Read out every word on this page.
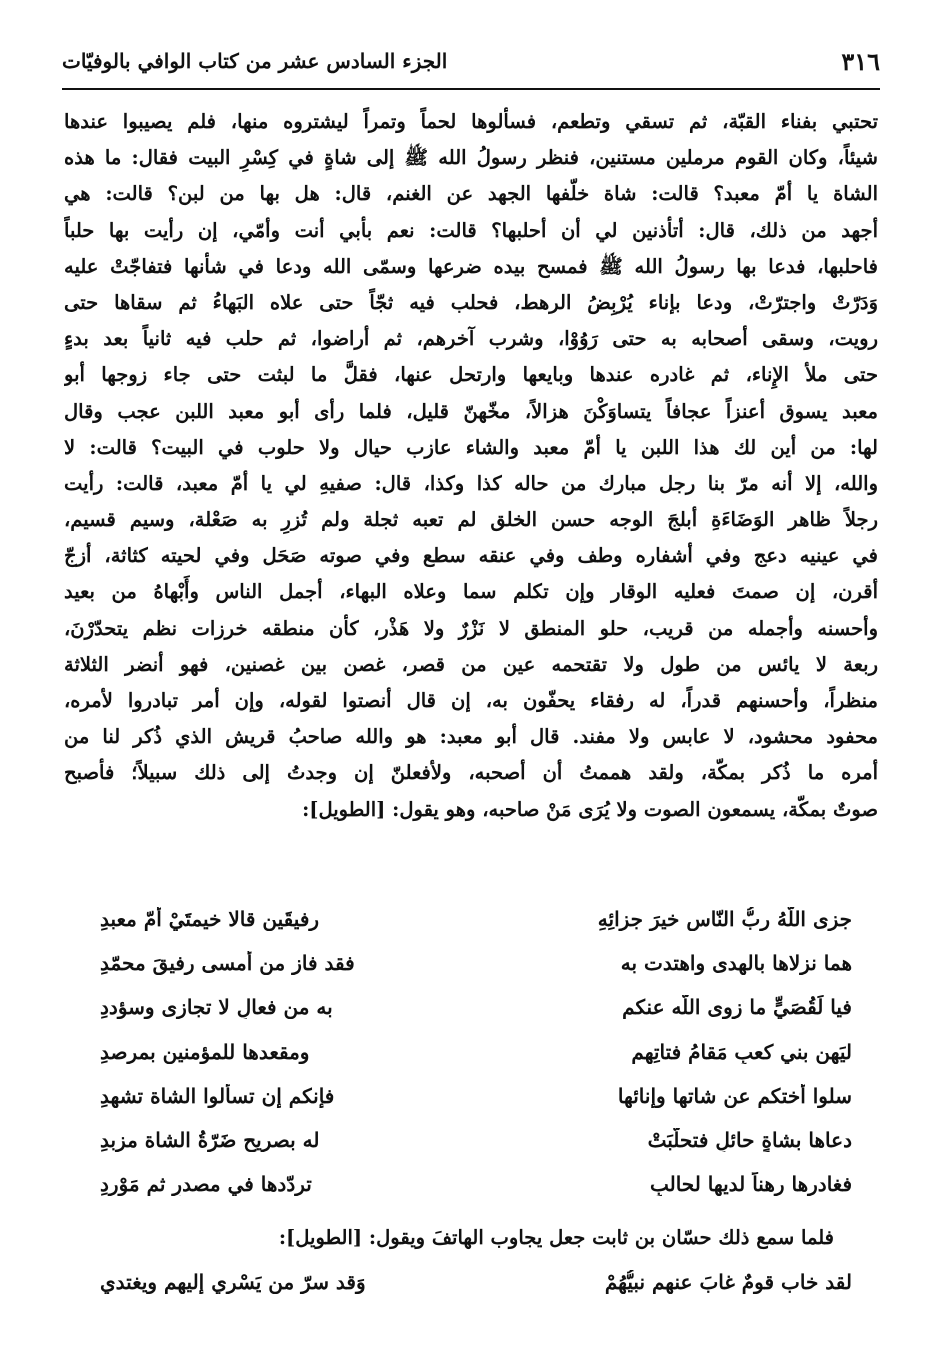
٣١٦
الجزء السادس عشر من كتاب الوافي بالوفيّات
تحتبي بفناء القبّة، ثم تسقي وتطعم، فسألوها لحماً وتمراً ليشتروه منها، فلم يصيبوا عندها
شيئاً، وكان القوم مرملين مستنين، فنظر رسولُ الله ﷺ إلى شاةٍ في كِسْرِ البيت فقال: ما هذه
الشاة يا أمّ معبد؟ قالت: شاة خلّفها الجهد عن الغنم، قال: هل بها من لبن؟ قالت: هي
أجهد من ذلك، قال: أتأذنين لي أن أحلبها؟ قالت: نعم بأبي أنت وأمّي، إن رأيت بها حلباً
فاحلبها، فدعا بها رسولُ الله ﷺ فمسح بيده ضرعها وسمّى الله ودعا في شأنها فتفاجّتْ عليه
وَدَرّتْ واجترّتْ، ودعا بإناء يُرْبِضُ الرهط، فحلب فيه ثجّاً حتى علاه البَهاءُ ثم سقاها حتى
رويت، وسقى أصحابه به حتى رَوُوْا، وشرب آخرهم، ثم أراضوا، ثم حلب فيه ثانياً بعد بدءٍ
حتى ملأ الإِناء، ثم غادره عندها وبايعها وارتحل عنها، فقلَّ ما لبثت حتى جاء زوجها أبو
معبد يسوق أعنزاً عجافاً يتساوَكْنَ هزالاً، مخّهنّ قليل، فلما رأى أبو معبد اللبن عجب وقال
لها: من أين لك هذا اللبن يا أمّ معبد والشاء عازب حيال ولا حلوب في البيت؟ قالت: لا
والله، إلا أنه مرّ بنا رجل مبارك من حاله كذا وكذا، قال: صفيهِ لي يا أمّ معبد، قالت: رأيت
رجلاً ظاهر الوَضَاءَةِ أبلجَ الوجه حسن الخلق لم تعبه ثجلة ولم تُزرِ به صَعْلة، وسيم قسيم،
في عينيه دعج وفي أشفاره وطف وفي عنقه سطع وفي صوته صَحَل وفي لحيته كثاثة، أزجّ
أقرن، إن صمتَ فعليه الوقار وإن تكلم سما وعلاه البهاء، أجمل الناس وأَبْهاهُ من بعيد
وأحسنه وأجمله من قريب، حلو المنطق لا نَزْرٌ ولا هَذْر، كأن منطقه خرزات نظم يتحدّرْنَ،
ربعة لا يائس من طول ولا تقتحمه عين من قصر، غصن بين غصنين، فهو أنضر الثلاثة
منظراً، وأحسنهم قدراً، له رفقاء يحفّون به، إن قال أنصتوا لقوله، وإن أمر تبادروا لأمره،
محفود محشود، لا عابس ولا مفند. قال أبو معبد: هو والله صاحبُ قريش الذي ذُكر لنا من
أمره ما ذُكر بمكّة، ولقد هممتُ أن أصحبه، ولأفعلنّ إن وجدتُ إلى ذلك سبيلاً؛ فأصبح
صوتٌ بمكّة، يسمعون الصوت ولا يُرَى مَنْ صاحبه، وهو يقول: [الطويل]:
جزى اللّهُ ربُّ النّاسِ خيرَ جزائِهِ
رفيقَينِ قالا خيمتَيْ أُمّ معبدِ
هما نزلاها بالهدى واهتدت به
فقد فاز من أمسى رفيقَ محمّدِ
فيا لَقُصَيٍّ ما زوى اللّه عنكم
به من فعالٍ لا تجازى وسؤددِ
ليَهنِ بني كعبٍ مَقامُ فتاتِهم
ومقعدها للمؤمنين بمرصدِ
سلوا أختكم عن شاتها وإنائها
فإنكم إن تسألوا الشاة تشهدِ
دعاها بشاةٍ حائلٍ فتحلّبَتْ
له بصريحٍ ضَرّةُ الشاة مزبدِ
فغادرها رهناً لديها لحالبٍ
تردّدها في مصدرٍ ثم مَوْرِدِ
فلما سمع ذلك حسّان بن ثابت جعل يجاوب الهاتفَ ويقول: [الطويل]:
لقد خاب قومٌ غابَ عنهم نبيُّهُمْ
وَقد سرّ من يَسْري إليهم ويغتدي
